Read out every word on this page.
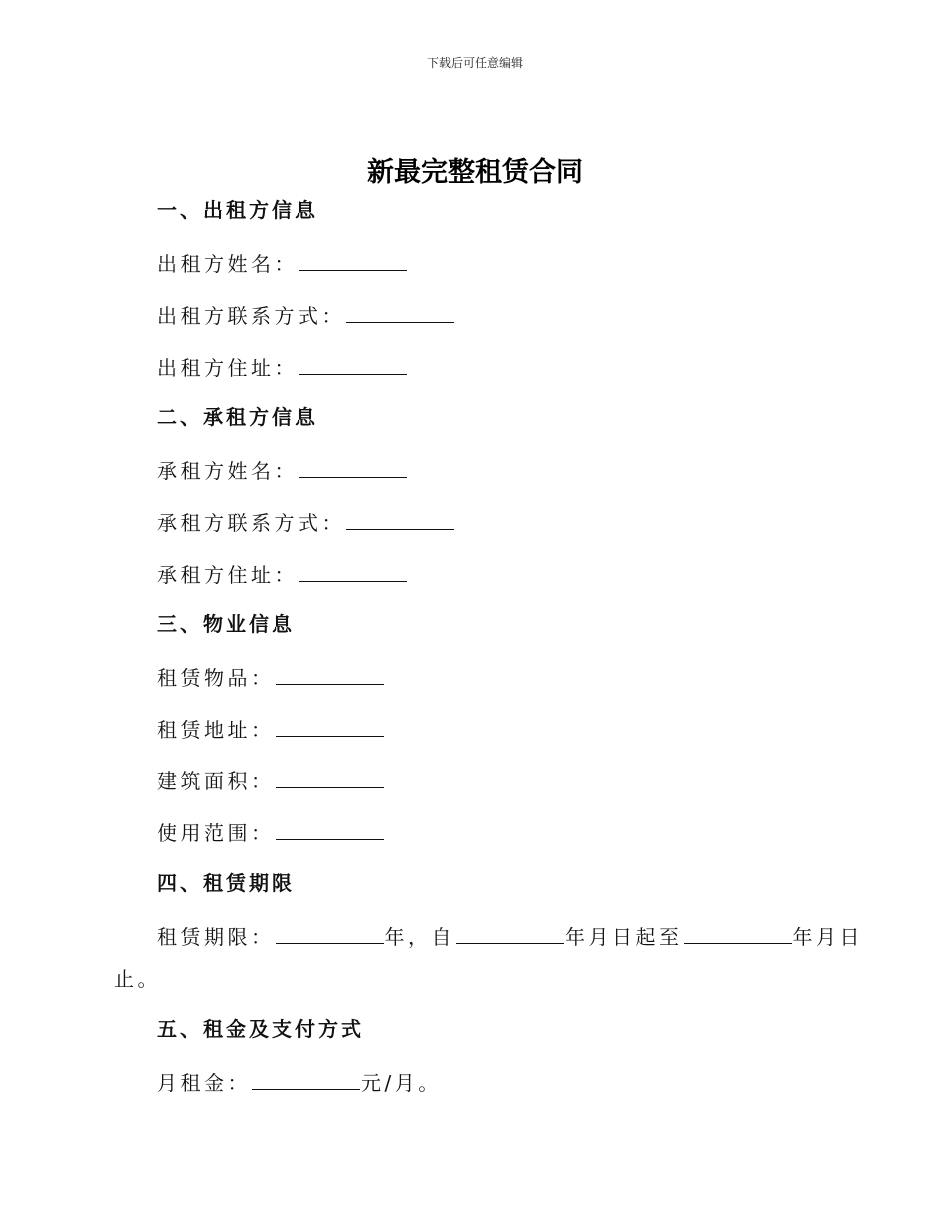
下载后可任意编辑
新最完整租赁合同
一、出租方信息
出租方姓名：
出租方联系方式：
出租方住址：
二、承租方信息
承租方姓名：
承租方联系方式：
承租方住址：
三、物业信息
租赁物品：
租赁地址：
建筑面积：
使用范围：
四、租赁期限
租赁期限：	年，自	年月日起至	年月日
止。
五、租金及支付方式
月租金：	元/月。
